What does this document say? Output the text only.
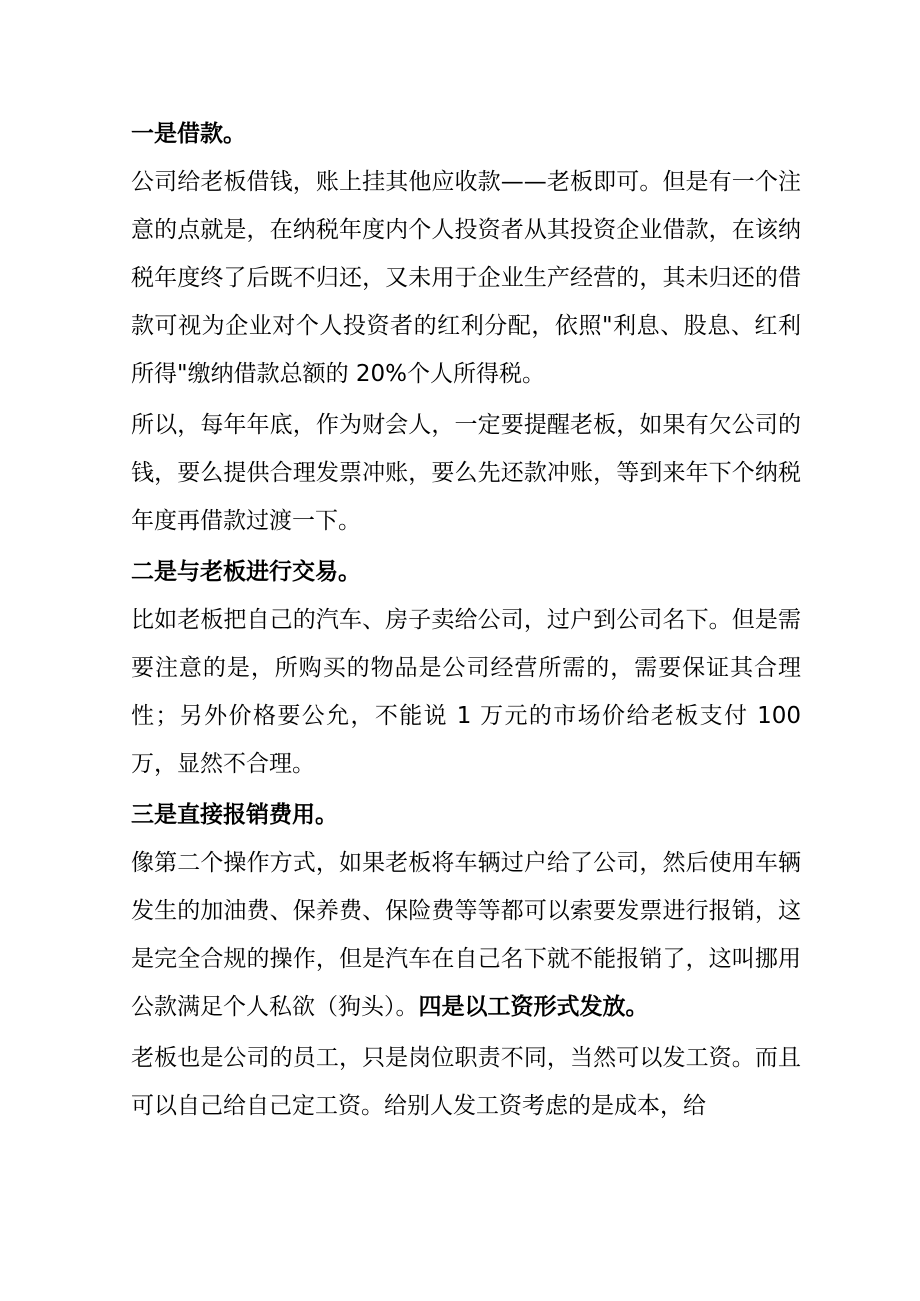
一是借款。

公司给老板借钱，账上挂其他应收款——老板即可。但是有一个注意的点就是，在纳税年度内个人投资者从其投资企业借款，在该纳税年度终了后既不归还，又未用于企业生产经营的，其未归还的借款可视为企业对个人投资者的红利分配，依照"利息、股息、红利所得"缴纳借款总额的 20%个人所得税。

所以，每年年底，作为财会人，一定要提醒老板，如果有欠公司的钱，要么提供合理发票冲账，要么先还款冲账，等到来年下个纳税年度再借款过渡一下。

二是与老板进行交易。

比如老板把自己的汽车、房子卖给公司，过户到公司名下。但是需要注意的是，所购买的物品是公司经营所需的，需要保证其合理性；另外价格要公允，不能说 1 万元的市场价给老板支付 100 万，显然不合理。

三是直接报销费用。

像第二个操作方式，如果老板将车辆过户给了公司，然后使用车辆发生的加油费、保养费、保险费等等都可以索要发票进行报销，这是完全合规的操作，但是汽车在自己名下就不能报销了，这叫挪用公款满足个人私欲（狗头）。四是以工资形式发放。

老板也是公司的员工，只是岗位职责不同，当然可以发工资。而且可以自己给自己定工资。给别人发工资考虑的是成本，给
